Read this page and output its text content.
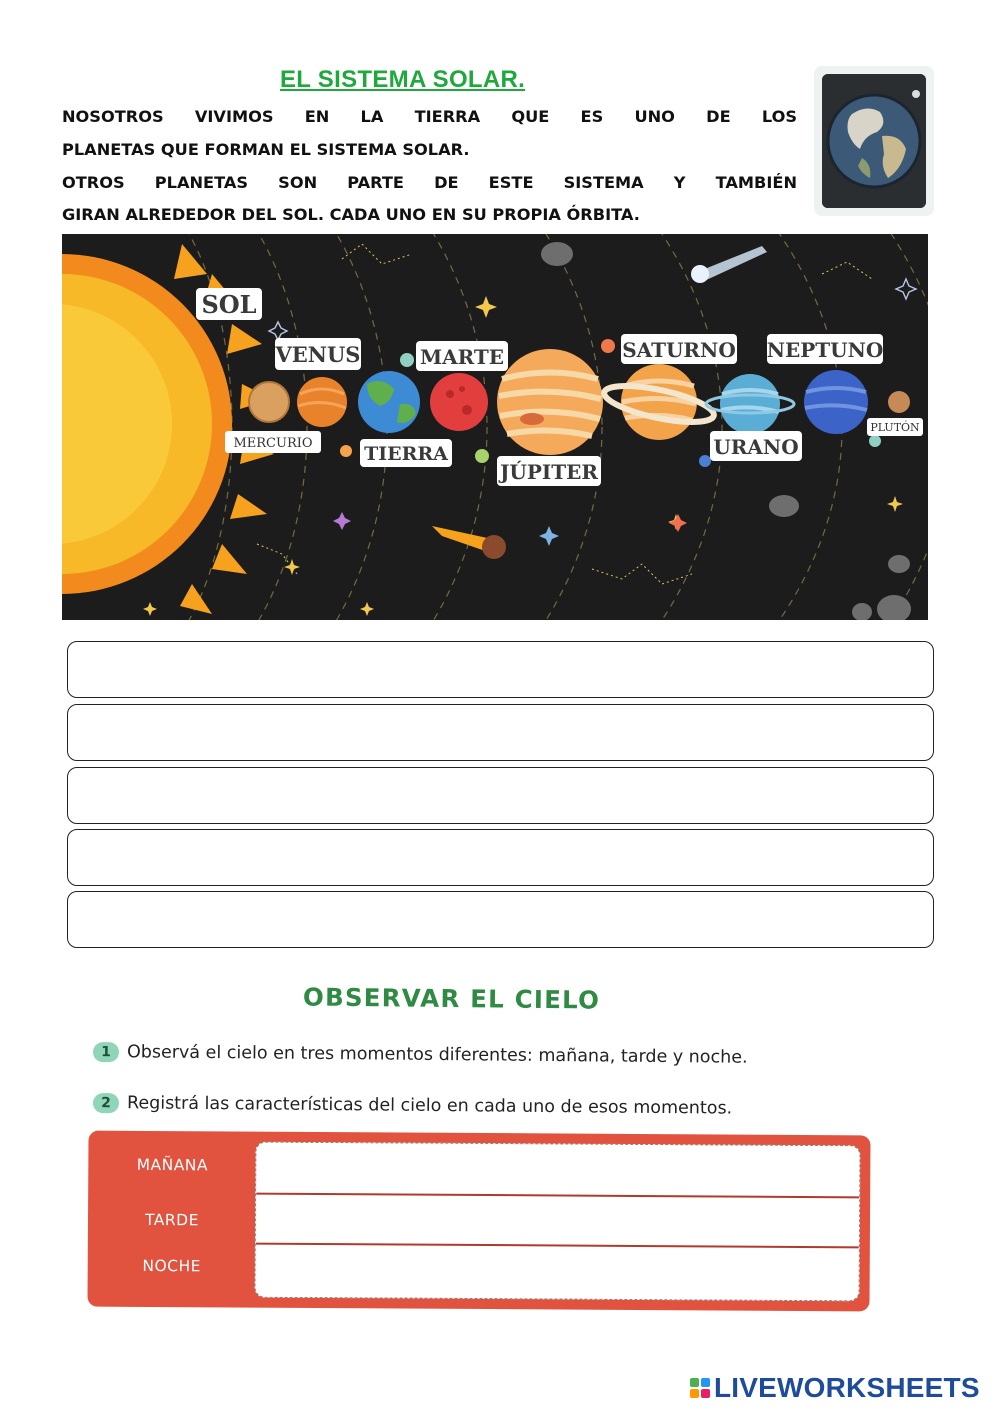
EL SISTEMA SOLAR.
NOSOTROS VIVIMOS EN LA TIERRA QUE ES UNO DE LOS
PLANETAS QUE FORMAN EL SISTEMA SOLAR.
OTROS PLANETAS SON PARTE DE ESTE SISTEMA Y TAMBIÉN
GIRAN ALREDEDOR DEL SOL. CADA UNO EN SU PROPIA ÓRBITA.
SOL
MERCURIO
VENUS
TIERRA
MARTE
JÚPITER
SATURNO
URANO
NEPTUNO
PLUTÓN
OBSERVAR EL CIELO
1 Observá el cielo en tres momentos diferentes: mañana, tarde y noche.
2 Registrá las características del cielo en cada uno de esos momentos.
MAÑANA
TARDE
NOCHE
LIVEWORKSHEETS
